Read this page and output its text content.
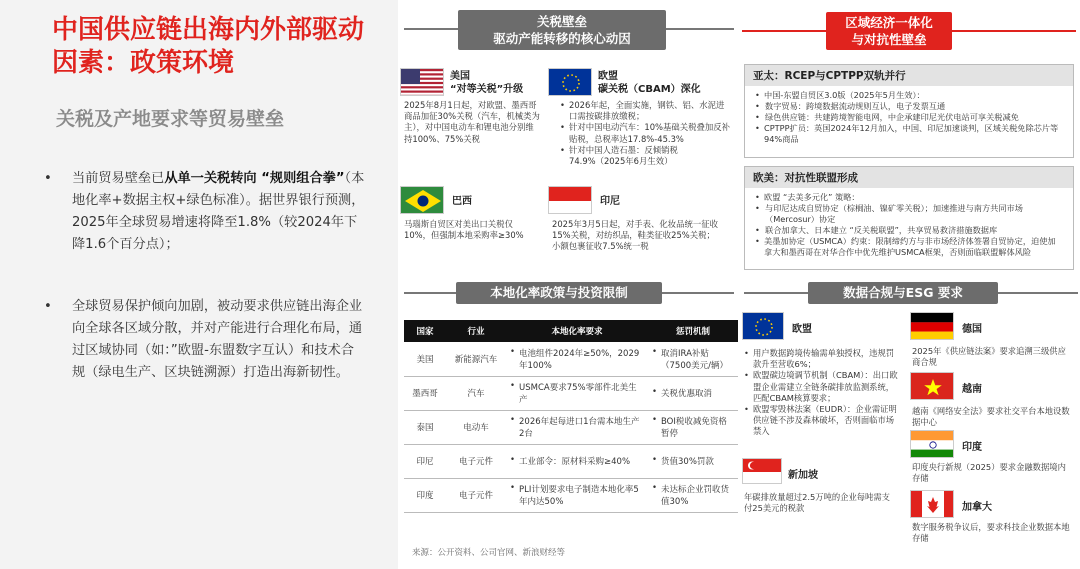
中国供应链出海内外部驱动因素：政策环境
关税及产地要求等贸易壁垒
• 当前贸易壁垒已从单一关税转向 “规则组合拳”（本地化率+数据主权+绿色标准）。据世界银行预测，2025年全球贸易增速将降至1.8%（较2024年下降1.6个百分点）；
• 全球贸易保护倾向加剧，被动要求供应链出海企业向全球各区域分散，并对产能进行合理化布局，通过区域协同（如：”欧盟-东盟数字互认）和技术合规（绿电生产、区块链溯源）打造出海新韧性。
关税壁垒
驱动产能转移的核心动因
美国
“对等关税”升级
2025年8月1日起，对欧盟、墨西哥商品加征30%关税（汽车，机械类为主），对中国电动车和锂电池分别维持100%、75%关税
欧盟
碳关税（CBAM）深化
• 2026年起，全面实施，钢铁、铝、水泥进口需按碳排放缴税；
• 针对中国电动汽车：10%基础关税叠加反补贴税，总税率达17.8%-45.3%
• 针对中国人造石墨：反倾销税74.9%（2025年6月生效）
巴西
马瑙斯自贸区对美出口关税仅10%，但强制本地采购率≥30%
印尼
2025年3月5日起，对手表、化妆品统一征收15%关税，对纺织品，鞋类征收25%关税；小额包裹征收7.5%统一税
区域经济一体化
与对抗性壁垒
亚太：RCEP与CPTPP双轨并行
• 中国-东盟自贸区3.0版（2025年5月生效）：
• 数字贸易：跨境数据流动规则互认，电子发票互通
• 绿色供应链：共建跨境智能电网，中企承建印尼光伏电站可享关税减免
• CPTPP扩员：英国2024年12月加入，中国、印尼加速谈判，区域关税免除芯片等94%商品
欧美：对抗性联盟形成
• 欧盟 “去美多元化” 策略：
• 与印尼达成自贸协定（棕榈油、镍矿零关税）；加速推进与南方共同市场（Mercosur）协定
• 联合加拿大、日本建立 “反关税联盟”，共享贸易救济措施数据库
• 美墨加协定（USMCA）约束：限制缔约方与非市场经济体签署自贸协定，迫使加拿大和墨西哥在对华合作中优先维护USMCA框架，否则面临联盟解体风险
本地化率政策与投资限制
国家	行业	本地化率要求	惩罚机制
美国	新能源汽车	• 电池组件2024年≥50%，2029年100%	• 取消IRA补贴（7500美元/辆）

墨西哥	汽车	• USMCA要求75%零部件北美生产	• 关税优惠取消

泰国	电动车	• 2026年起每进口1台需本地生产2台	• BOI税收减免资格暂停

印尼	电子元件	• 工业部令：原材料采购≥40%	• 货值30%罚款

印度	电子元件	• PLI计划要求电子制造本地化率5年内达50%	• 未达标企业罚收货值30%
来源：公开资料、公司官网、新浪财经等
数据合规与ESG 要求
欧盟
• 用户数据跨境传输需单独授权，违规罚款升至营收6%；
• 欧盟碳边境调节机制（CBAM）：出口欧盟企业需建立全链条碳排放监测系统，匹配CBAM核算要求；
• 欧盟零毁林法案（EUDR）：企业需证明供应链不涉及森林破坏，否则面临市场禁入
新加坡
年碳排放量超过2.5万吨的企业每吨需支付25美元的税款
德国
2025年《供应链法案》要求追溯三级供应商合规
越南
越南《网络安全法》要求社交平台本地设数据中心
印度
印度央行新规（2025）要求金融数据境内存储
加拿大
数字服务税争议后，要求科技企业数据本地存储
